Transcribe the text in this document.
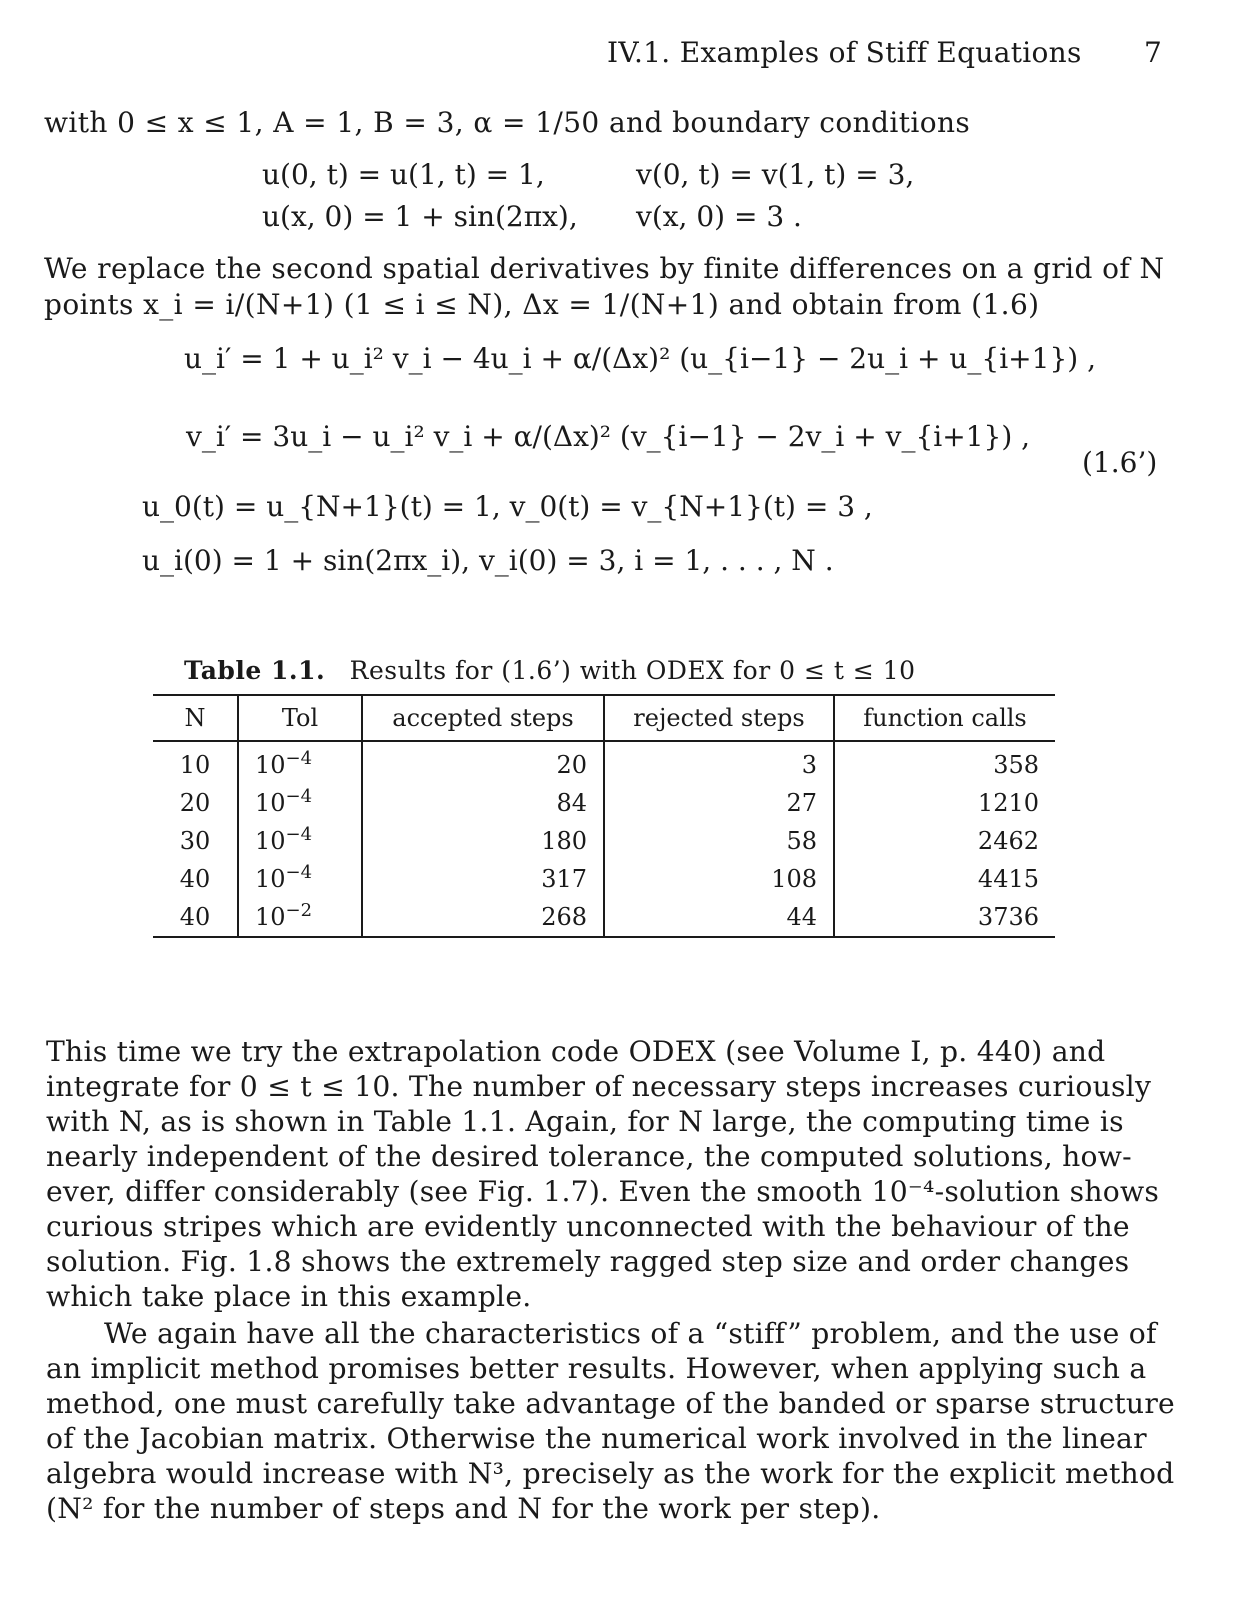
IV.1. Examples of Stiff Equations 7
with 0 ≤ x ≤ 1, A = 1, B = 3, α = 1/50 and boundary conditions
u(0, t) = u(1, t) = 1,	v(0, t) = v(1, t) = 3,
u(x, 0) = 1 + sin(2πx), v(x, 0) = 3 .
We replace the second spatial derivatives by finite differences on a grid of N
points x_i = i/(N+1) (1 ≤ i ≤ N), Δx = 1/(N+1) and obtain from (1.6)
u_i′ = 1 + u_i² v_i − 4u_i + α/(Δx)² (u_{i−1} − 2u_i + u_{i+1}) ,
v_i′ = 3u_i − u_i² v_i + α/(Δx)² (v_{i−1} − 2v_i + v_{i+1}) ,
(1.6’)
u_0(t) = u_{N+1}(t) = 1, v_0(t) = v_{N+1}(t) = 3 ,
u_i(0) = 1 + sin(2πx_i), v_i(0) = 3, i = 1, . . . , N .
Table 1.1. Results for (1.6’) with ODEX for 0 ≤ t ≤ 10
N	Tol	accepted steps	rejected steps	function calls
10	$10^{-4}$	20	3	358
20	$10^{-4}$	84	27	1210
30	$10^{-4}$	180	58	2462
40	$10^{-4}$	317	108	4415
40	$10^{-2}$	268	44	3736
This time we try the extrapolation code ODEX (see Volume I, p. 440) and
integrate for 0 ≤ t ≤ 10. The number of necessary steps increases curiously
with N, as is shown in Table 1.1. Again, for N large, the computing time is
nearly independent of the desired tolerance, the computed solutions, how-
ever, differ considerably (see Fig. 1.7). Even the smooth 10⁻⁴-solution shows
curious stripes which are evidently unconnected with the behaviour of the
solution. Fig. 1.8 shows the extremely ragged step size and order changes
which take place in this example.
We again have all the characteristics of a “stiff” problem, and the use of
an implicit method promises better results. However, when applying such a
method, one must carefully take advantage of the banded or sparse structure
of the Jacobian matrix. Otherwise the numerical work involved in the linear
algebra would increase with N³, precisely as the work for the explicit method
(N² for the number of steps and N for the work per step).
